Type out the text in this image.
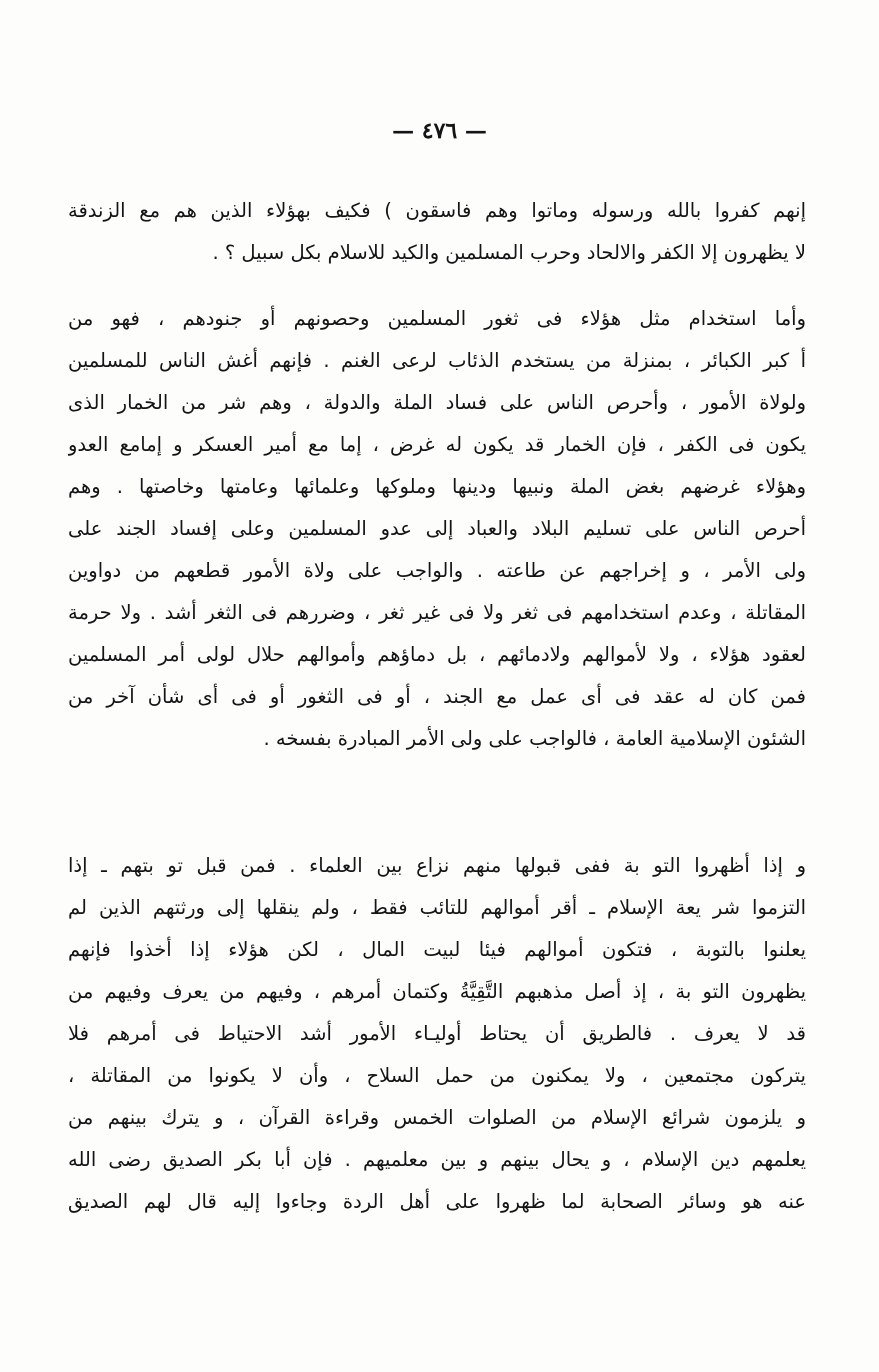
— ٤٧٦ —
إنهم كفروا بالله ورسوله وماتوا وهم فاسقون ) فكيف بهؤلاء الذين هم مع الزندقة
لا يظهرون إلا الكفر والالحاد وحرب المسلمين والكيد للاسلام بكل سبيل ؟ .
وأما استخدام مثل هؤلاء فى ثغور المسلمين وحصونهم أو جنودهم ، فهو من
أ كبر الكبائر ، بمنزلة من يستخدم الذئاب لرعى الغنم . فإنهم أغش الناس للمسلمين
ولولاة الأمور ، وأحرص الناس على فساد الملة والدولة ، وهم شر من الخمار الذى
يكون فى الكفر ، فإن الخمار قد يكون له غرض ، إما مع أمير العسكر و إمامع العدو
وهؤلاء غرضهم بغض الملة ونبيها ودينها وملوكها وعلمائها وعامتها وخاصتها . وهم
أحرص الناس على تسليم البلاد والعباد إلى عدو المسلمين وعلى إفساد الجند على
ولى الأمر ، و إخراجهم عن طاعته . والواجب على ولاة الأمور قطعهم من دواوين
المقاتلة ، وعدم استخدامهم فى ثغر ولا فى غير ثغر ، وضررهم فى الثغر أشد . ولا حرمة
لعقود هؤلاء ، ولا لأموالهم ولادمائهم ، بل دماؤهم وأموالهم حلال لولى أمر المسلمين
فمن كان له عقد فى أى عمل مع الجند ، أو فى الثغور أو فى أى شأن آخر من
الشئون الإسلامية العامة ، فالواجب على ولى الأمر المبادرة بفسخه .
و إذا أظهروا التو بة ففى قبولها منهم نزاع بين العلماء . فمن قبل تو بتهم ـ إذا
التزموا شر يعة الإسلام ـ أقر أموالهم للتائب فقط ، ولم ينقلها إلى ورثتهم الذين لم
يعلنوا بالتوبة ، فتكون أموالهم فيئا لبيت المال ، لكن هؤلاء إذا أخذوا فإنهم
يظهرون التو بة ، إذ أصل مذهبهم التَّقِيَّةُ وكتمان أمرهم ، وفيهم من يعرف وفيهم من
قد لا يعرف . فالطريق أن يحتاط أوليـاء الأمور أشد الاحتياط فى أمرهم فلا
يتركون مجتمعين ، ولا يمكنون من حمل السلاح ، وأن لا يكونوا من المقاتلة ،
و يلزمون شرائع الإسلام من الصلوات الخمس وقراءة القرآن ، و يترك بينهم من
يعلمهم دين الإسلام ، و يحال بينهم و بين معلميهم . فإن أبا بكر الصديق رضى الله
عنه هو وسائر الصحابة لما ظهروا على أهل الردة وجاءوا إليه قال لهم الصديق
